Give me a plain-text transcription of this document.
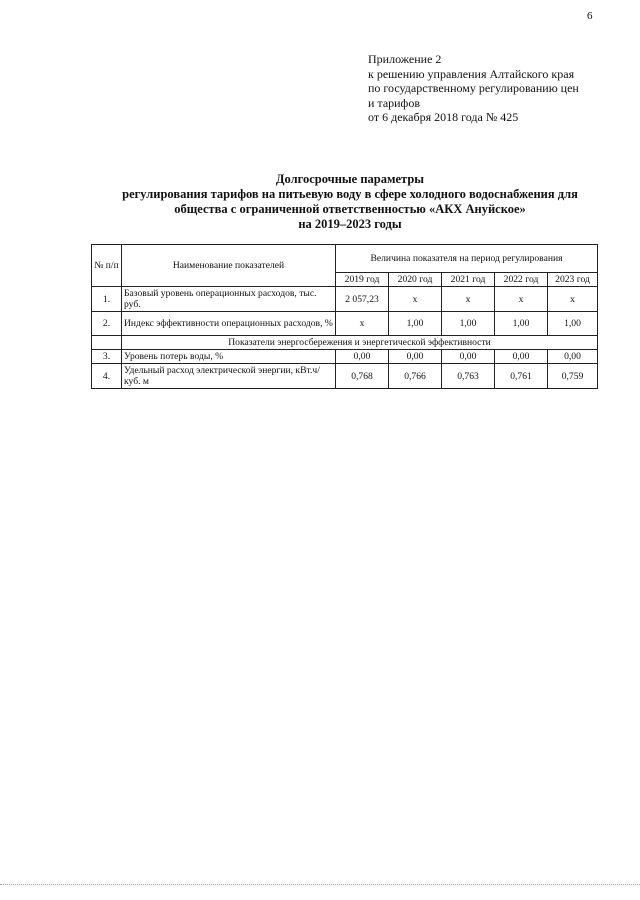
6
Приложение 2
к решению управления Алтайского края
по государственному регулированию цен
и тарифов
от 6 декабря 2018 года № 425
Долгосрочные параметры
регулирования тарифов на питьевую воду в сфере холодного водоснабжения для
общества с ограниченной ответственностью «АКХ Ануйское»
на 2019–2023 годы
№ п/п	Наименование показателей	Величина показателя на период регулирования				
		2019 год	2020 год	2021 год	2022 год	2023 год
1.	Базовый уровень операционных расходов, тыс. руб.	2 057,23	х	х	х	х
2.	Индекс эффективности операционных расходов, %	х	1,00	1,00	1,00	1,00
	Показатели энергосбережения и энергетической эффективности					
3.	Уровень потерь воды, %	0,00	0,00	0,00	0,00	0,00
4.	Удельный расход электрической энергии, кВт.ч/куб. м	0,768	0,766	0,763	0,761	0,759
